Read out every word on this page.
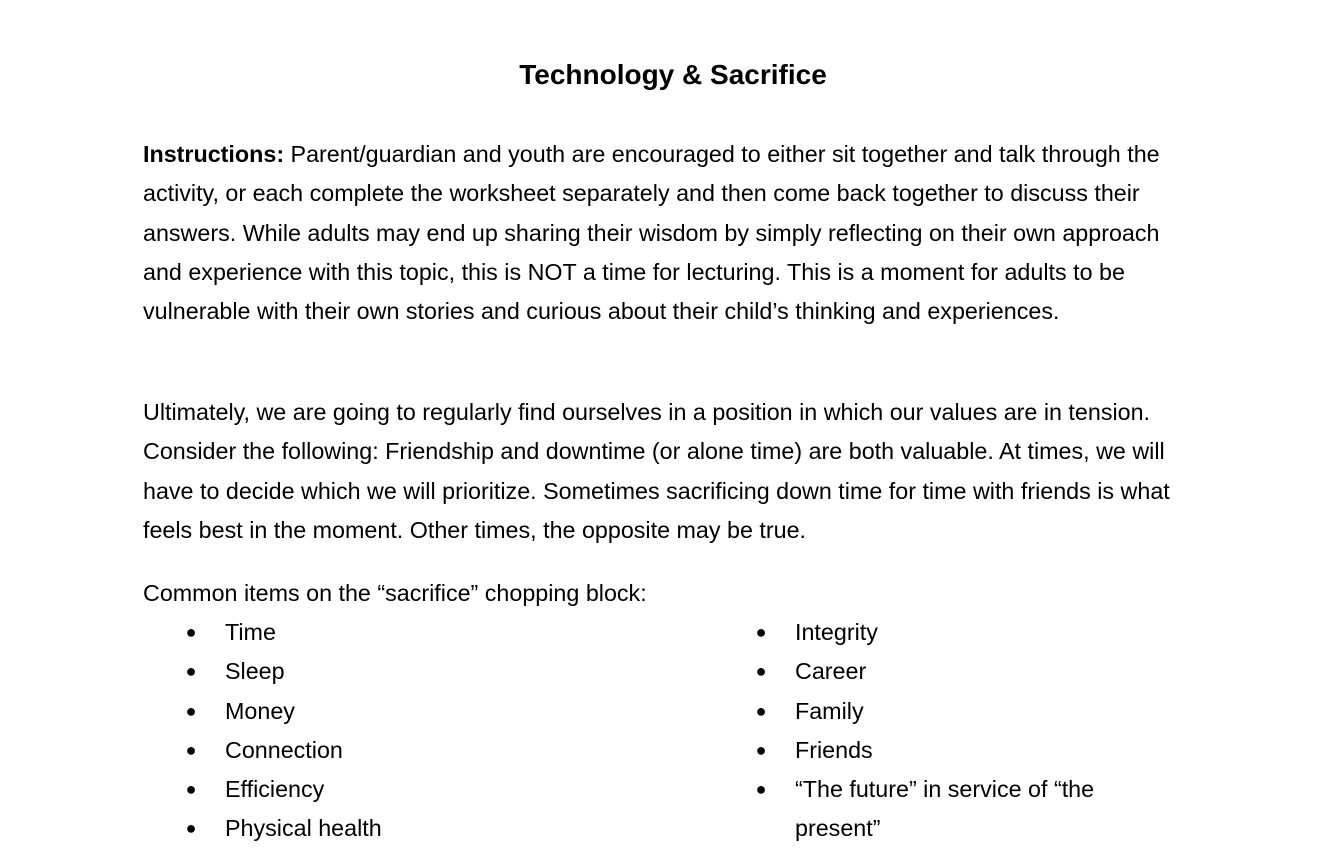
Technology & Sacrifice

Instructions: Parent/guardian and youth are encouraged to either sit together and talk through the activity, or each complete the worksheet separately and then come back together to discuss their answers. While adults may end up sharing their wisdom by simply reflecting on their own approach and experience with this topic, this is NOT a time for lecturing. This is a moment for adults to be vulnerable with their own stories and curious about their child’s thinking and experiences.

Ultimately, we are going to regularly find ourselves in a position in which our values are in tension. Consider the following: Friendship and downtime (or alone time) are both valuable. At times, we will have to decide which we will prioritize. Sometimes sacrificing down time for time with friends is what feels best in the moment. Other times, the opposite may be true.

Common items on the “sacrifice” chopping block:

● Time
● Sleep
● Money
● Connection
● Efficiency
● Physical health
● Integrity
● Career
● Family
● Friends
● “The future” in service of “the present”
